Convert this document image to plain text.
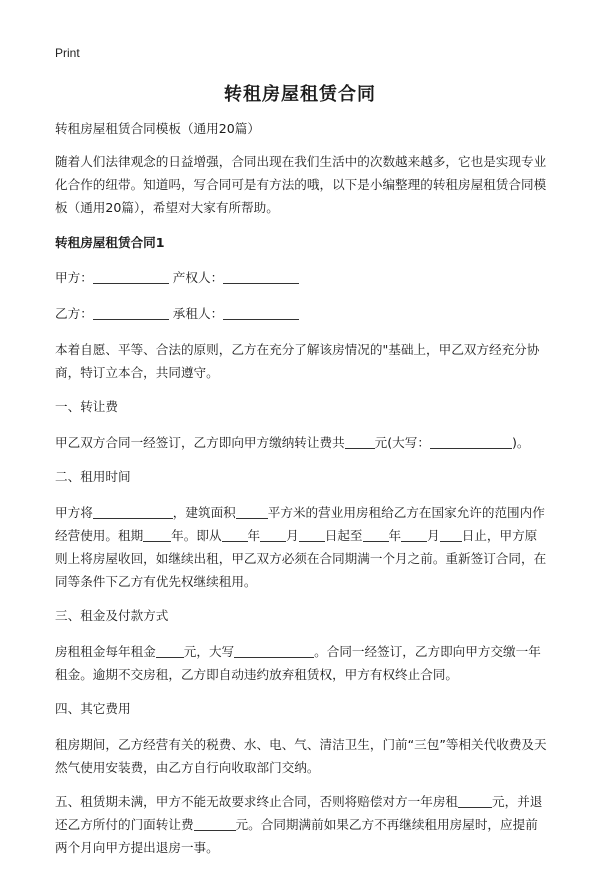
Print
转租房屋租赁合同

转租房屋租赁合同模板（通用20篇）

随着人们法律观念的日益增强，合同出现在我们生活中的次数越来越多，它也是实现专业化合作的纽带。知道吗，写合同可是有方法的哦，以下是小编整理的转租房屋租赁合同模板（通用20篇），希望对大家有所帮助。

转租房屋租赁合同1

甲方：	产权人：

乙方：	承租人：

本着自愿、平等、合法的原则，乙方在充分了解该房情况的"基础上，甲乙双方经充分协商，特订立本合，共同遵守。

一、转让费

甲乙双方合同一经签订，乙方即向甲方缴纳转让费共 元(大写：	)。

二、租用时间

甲方将	，建筑面积	平方米的营业用房租给乙方在国家允许的范围内作经营使用。租期 年。即从 年 月 日起至 年 月 日止，甲方原则上将房屋收回，如继续出租，甲乙双方必须在合同期满一个月之前。重新签订合同，在同等条件下乙方有优先权继续租用。

三、租金及付款方式

房租租金每年租金 元，大写	。合同一经签订，乙方即向甲方交缴一年租金。逾期不交房租，乙方即自动违约放弃租赁权，甲方有权终止合同。

四、其它费用

租房期间，乙方经营有关的税费、水、电、气、清洁卫生，门前“三包”等相关代收费及天然气使用安装费，由乙方自行向收取部门交纳。

五、租赁期未满，甲方不能无故要求终止合同，否则将赔偿对方一年房租	元，并退还乙方所付的门面转让费	元。合同期满前如果乙方不再继续租用房屋时，应提前两个月向甲方提出退房一事。
